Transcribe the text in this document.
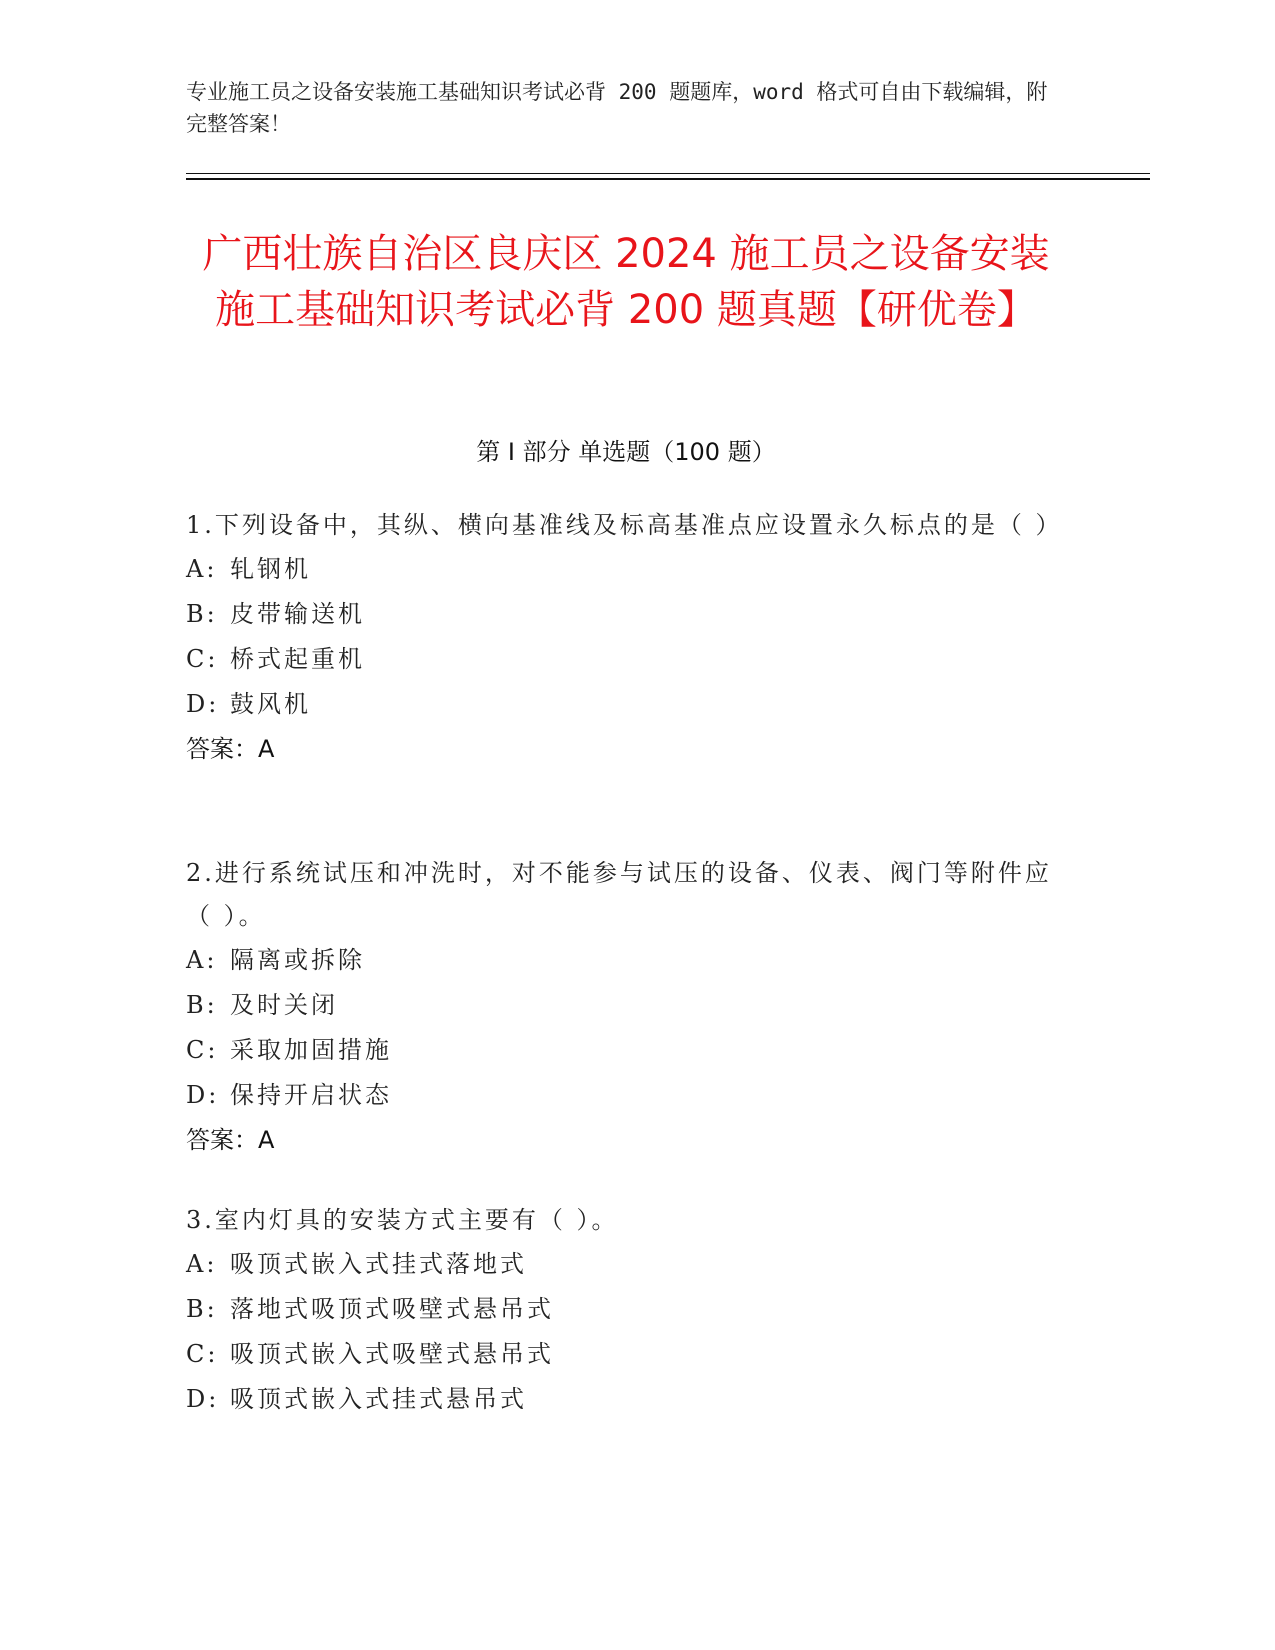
专业施工员之设备安装施工基础知识考试必背 200 题题库，word 格式可自由下载编辑，附完整答案！
广西壮族自治区良庆区 2024 施工员之设备安装施工基础知识考试必背 200 题真题【研优卷】
第 I 部分 单选题（100 题）
1.下列设备中，其纵、横向基准线及标高基准点应设置永久标点的是（ ）
A: 轧钢机
B: 皮带输送机
C: 桥式起重机
D: 鼓风机
答案：A
2.进行系统试压和冲洗时，对不能参与试压的设备、仪表、阀门等附件应（ ）。
A: 隔离或拆除
B: 及时关闭
C: 采取加固措施
D: 保持开启状态
答案：A
3.室内灯具的安装方式主要有（ ）。
A: 吸顶式嵌入式挂式落地式
B: 落地式吸顶式吸壁式悬吊式
C: 吸顶式嵌入式吸壁式悬吊式
D: 吸顶式嵌入式挂式悬吊式
